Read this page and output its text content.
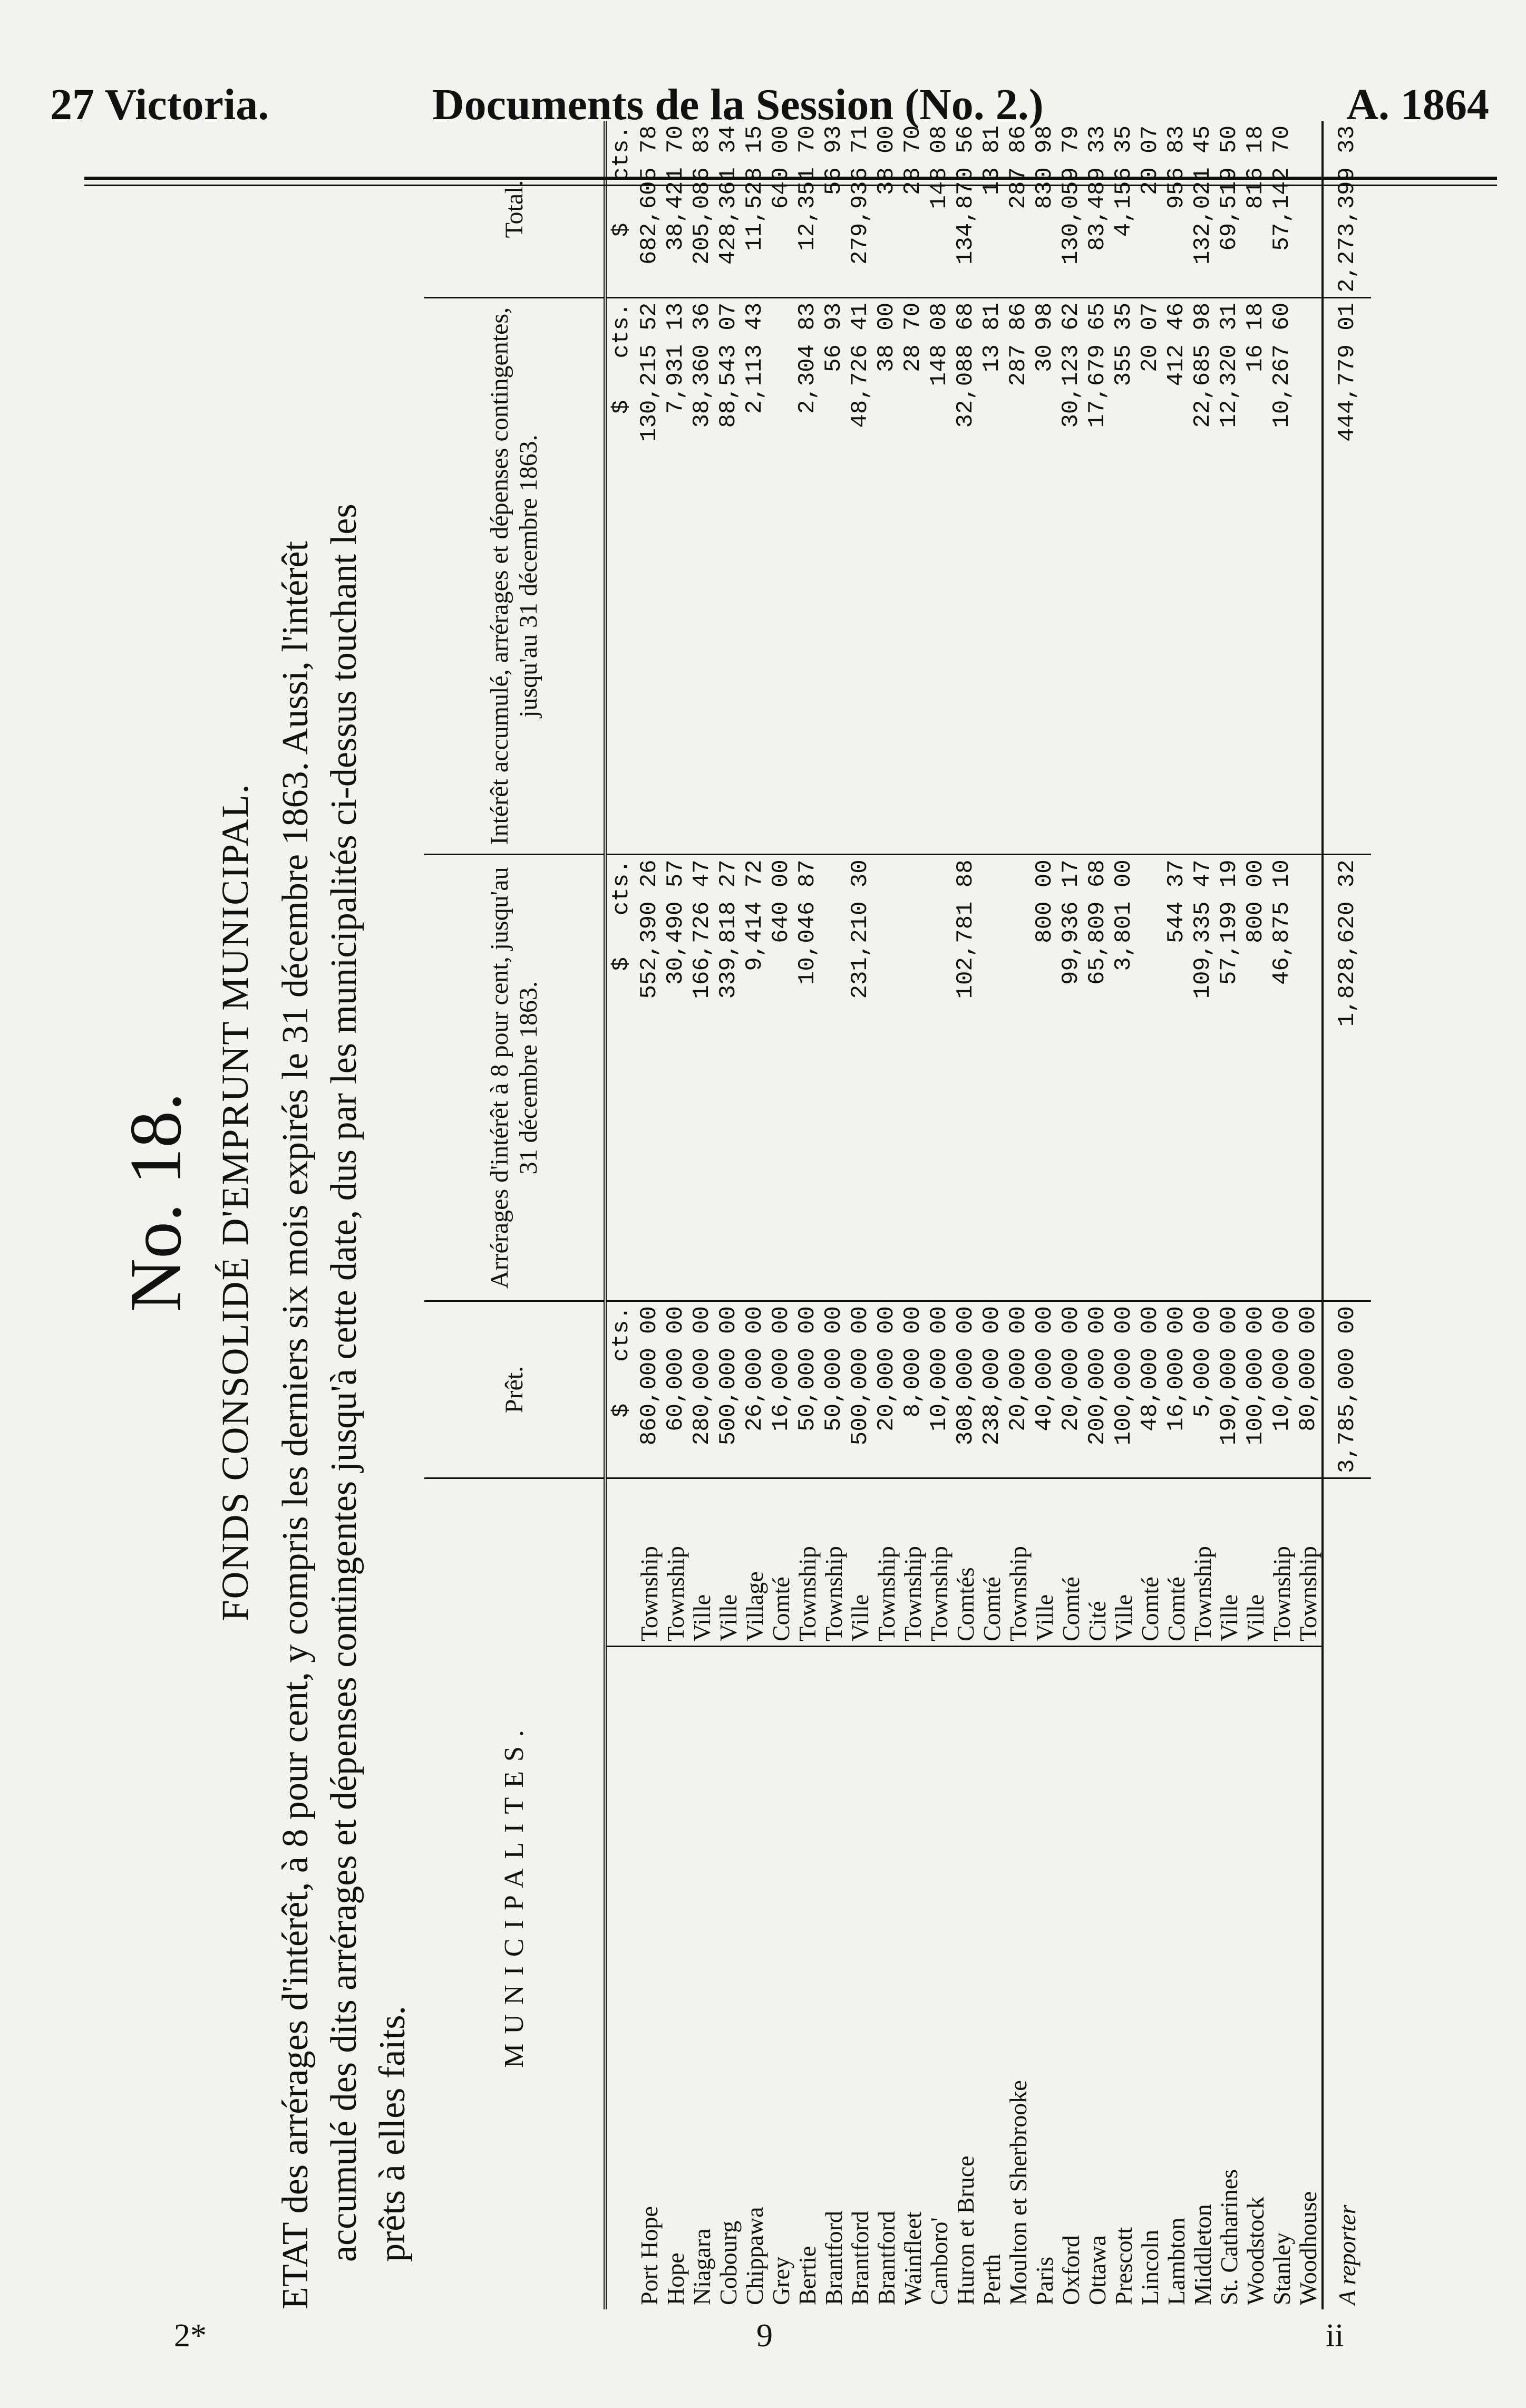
27 Victoria.	Documents de la Session (No. 2.)	A. 1864
No. 18. FONDS CONSOLIDÉ D'EMPRUNT MUNICIPAL. ETAT des arrérages d'intérêt, à 8 pour cent, y compris les derniers six mois expirés le 31 décembre 1863. Aussi, l'intérêt accumulé des dits arrérages et dépenses contingentes jusqu'à cette date, dus par les municipalités ci-dessus touchant les prêts à elles faits.
MUNICIPALITES.		Prêt.	Arrérages d'intérêt à 8 pour cent, jusqu'au 31 décembre 1863.	Intérêt accumulé, arrérages et dépenses contingentes, jusqu'au 31 décembre 1863.	Total.
		$   cts.	$   cts.	$   cts.	$   cts.
Port Hope	Township	860,000 00	552,390 26	130,215 52	682,605 78
Hope	Township	60,000 00	30,490 57	7,931 13	38,421 70
Niagara	Ville	280,000 00	166,726 47	38,360 36	205,086 83
Cobourg	Ville	500,000 00	339,818 27	88,543 07	428,361 34
Chippawa	Village	26,000 00	9,414 72	2,113 43	11,528 15
Grey	Comté	16,000 00	640 00		640 00
Bertie	Township	50,000 00	10,046 87	2,304 83	12,351 70
Brantford	Township	50,000 00		56 93	56 93
Brantford	Ville	500,000 00	231,210 30	48,726 41	279,936 71
Brantford	Township	20,000 00		38 00	38 00
Wainfleet	Township	8,000 00		28 70	28 70
Canboro'	Township	10,000 00		148 08	148 08
Huron et Bruce	Comtés	308,000 00	102,781 88	32,088 68	134,870 56
Perth	Comté	238,000 00		13 81	13 81
Moulton et Sherbrooke	Township	20,000 00		287 86	287 86
Paris	Ville	40,000 00	800 00	30 98	830 98
Oxford	Comté	20,000 00	99,936 17	30,123 62	130,059 79
Ottawa	Cité	200,000 00	65,809 68	17,679 65	83,489 33
Prescott	Ville	100,000 00	3,801 00	355 35	4,156 35
Lincoln	Comté	48,000 00		20 07	20 07
Lambton	Comté	16,000 00	544 37	412 46	956 83
Middleton	Township	5,000 00	109,335 47	22,685 98	132,021 45
St. Catharines	Ville	190,000 00	57,199 19	12,320 31	69,519 50
Woodstock	Ville	100,000 00	800 00	16 18	816 18
Stanley	Township	10,000 00	46,875 10	10,267 60	57,142 70
Woodhouse	Township	80,000 00			
A reporter		3,785,000 00	1,828,620 32	444,779 01	2,273,399 33
2*	9	ii
